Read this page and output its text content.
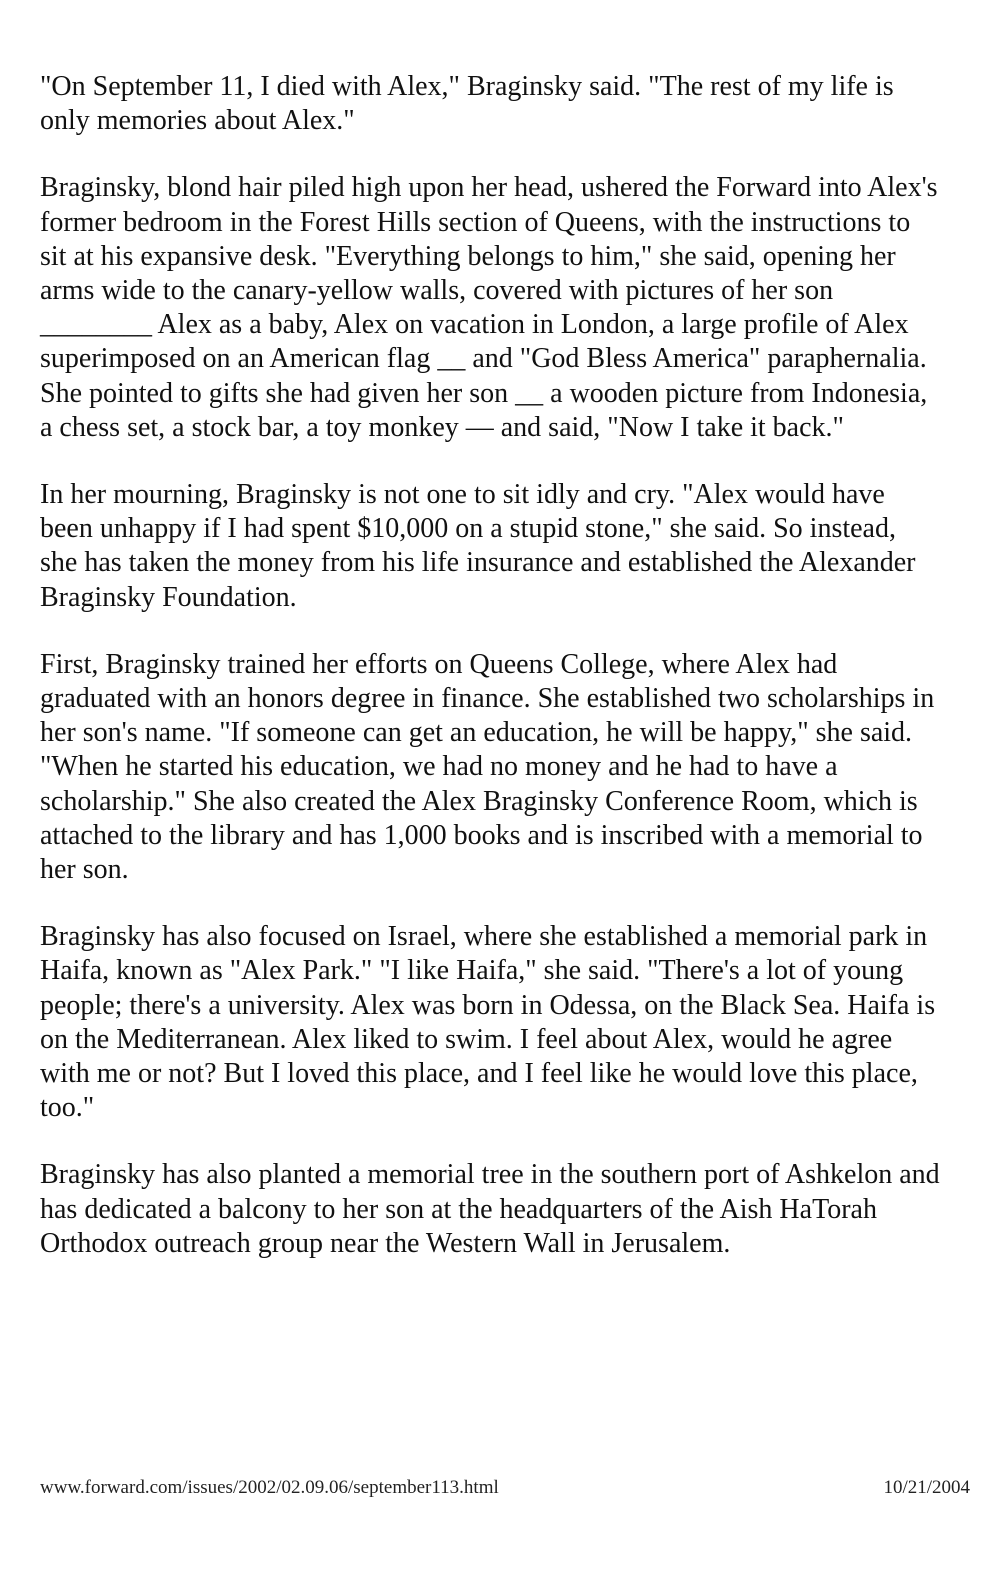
"On September 11, I died with Alex," Braginsky said. "The rest of my life is only memories about Alex."

Braginsky, blond hair piled high upon her head, ushered the Forward into Alex's former bedroom in the Forest Hills section of Queens, with the instructions to sit at his expansive desk. "Everything belongs to him," she said, opening her arms wide to the canary-yellow walls, covered with pictures of her son ________ Alex as a baby, Alex on vacation in London, a large profile of Alex superimposed on an American flag __ and "God Bless America" paraphernalia. She pointed to gifts she had given her son __ a wooden picture from Indonesia, a chess set, a stock bar, a toy monkey — and said, "Now I take it back."

In her mourning, Braginsky is not one to sit idly and cry. "Alex would have been unhappy if I had spent $10,000 on a stupid stone," she said. So instead, she has taken the money from his life insurance and established the Alexander Braginsky Foundation.

First, Braginsky trained her efforts on Queens College, where Alex had graduated with an honors degree in finance. She established two scholarships in her son's name. "If someone can get an education, he will be happy," she said. "When he started his education, we had no money and he had to have a scholarship." She also created the Alex Braginsky Conference Room, which is attached to the library and has 1,000 books and is inscribed with a memorial to her son.

Braginsky has also focused on Israel, where she established a memorial park in Haifa, known as "Alex Park." "I like Haifa," she said. "There's a lot of young people; there's a university. Alex was born in Odessa, on the Black Sea. Haifa is on the Mediterranean. Alex liked to swim. I feel about Alex, would he agree with me or not? But I loved this place, and I feel like he would love this place, too."

Braginsky has also planted a memorial tree in the southern port of Ashkelon and has dedicated a balcony to her son at the headquarters of the Aish HaTorah Orthodox outreach group near the Western Wall in Jerusalem.

www.forward.com/issues/2002/02.09.06/september113.html	10/21/2004
